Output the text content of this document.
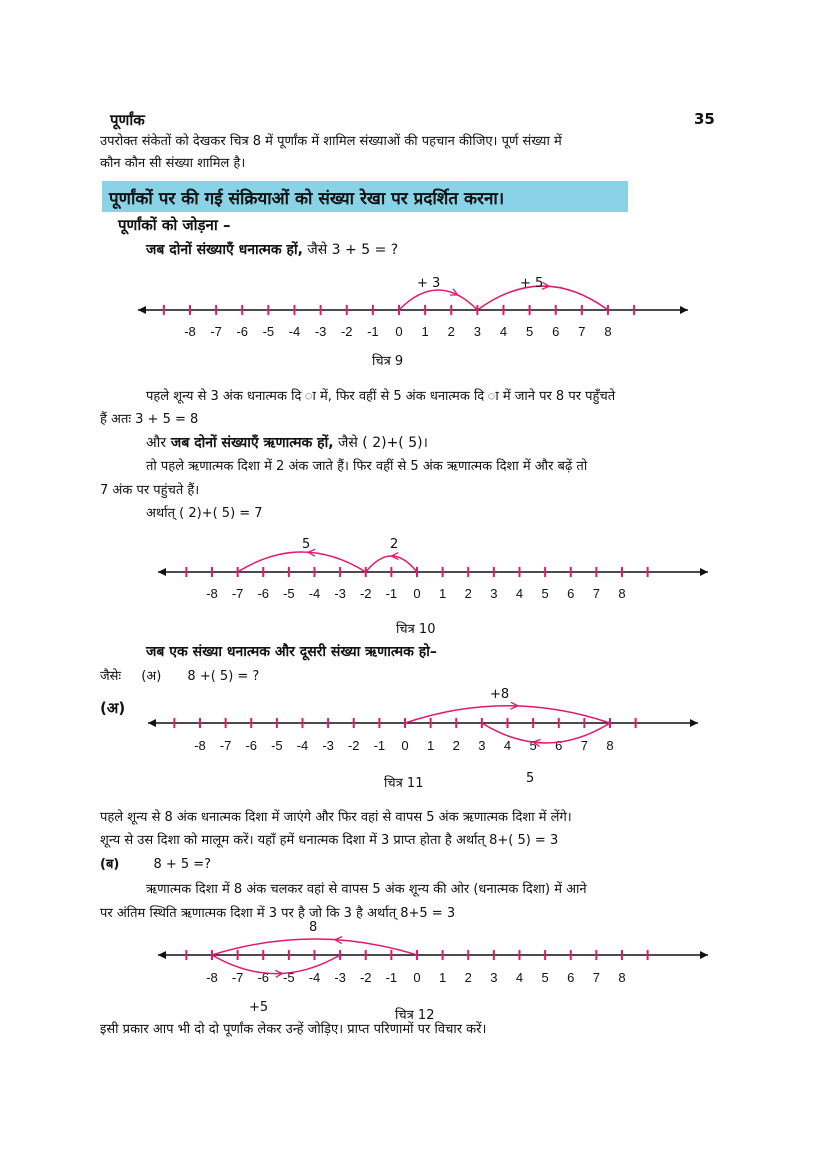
पूर्णांक	35
उपरोक्त संकेतों को देखकर चित्र 8 में पूर्णांक में शामिल संख्याओं की पहचान कीजिए। पूर्ण संख्या में
कौन कौन सी संख्या शामिल है।
पूर्णांकों पर की गई संक्रियाओं को संख्या रेखा पर प्रदर्शित करना।
पूर्णांकों को जोड़ना –
जब दोनों संख्याएँ धनात्मक हों, जैसे 3 + 5 = ?
-8 -7 -6 -5 -4 -3 -2 -1 0 1 2 3 4 5 6 7 8
+ 3	+ 5
चित्र 9
पहले शून्य से 3 अंक धनात्मक दि ा में, फिर वहीं से 5 अंक धनात्मक दि ा में जाने पर 8 पर पहुँचते
हैं अतः 3 + 5 = 8
और जब दोनों संख्याएँ ऋणात्मक हों, जैसे ( 2)+( 5)।
तो पहले ऋणात्मक दिशा में 2 अंक जाते हैं। फिर वहीं से 5 अंक ऋणात्मक दिशा में और बढ़ें तो
7 अंक पर पहुंचते हैं।
अर्थात् ( 2)+( 5) = 7
-8 -7 -6 -5 -4 -3 -2 -1 0 1 2 3 4 5 6 7 8
5	2
चित्र 10
जब एक संख्या धनात्मक और दूसरी संख्या ऋणात्मक हो–
जैसेः (अ) 8 +( 5) = ?
(अ)
-8 -7 -6 -5 -4 -3 -2 -1 0 1 2 3 4 5 6 7 8
+8
5
चित्र 11
पहले शून्य से 8 अंक धनात्मक दिशा में जाएंगे और फिर वहां से वापस 5 अंक ऋणात्मक दिशा में लेंगे।
शून्य से उस दिशा को मालूम करें। यहाँ हमें धनात्मक दिशा में 3 प्राप्त होता है अर्थात् 8+( 5) = 3
(ब)	8 + 5 =?
ऋणात्मक दिशा में 8 अंक चलकर वहां से वापस 5 अंक शून्य की ओर (धनात्मक दिशा) में आने
पर अंतिम स्थिति ऋणात्मक दिशा में 3 पर है जो कि 3 है अर्थात् 8+5 = 3
-8 -7 -6 -5 -4 -3 -2 -1 0 1 2 3 4 5 6 7 8
8
+5
चित्र 12
इसी प्रकार आप भी दो दो पूर्णांक लेकर उन्हें जोड़िए। प्राप्त परिणामों पर विचार करें।
